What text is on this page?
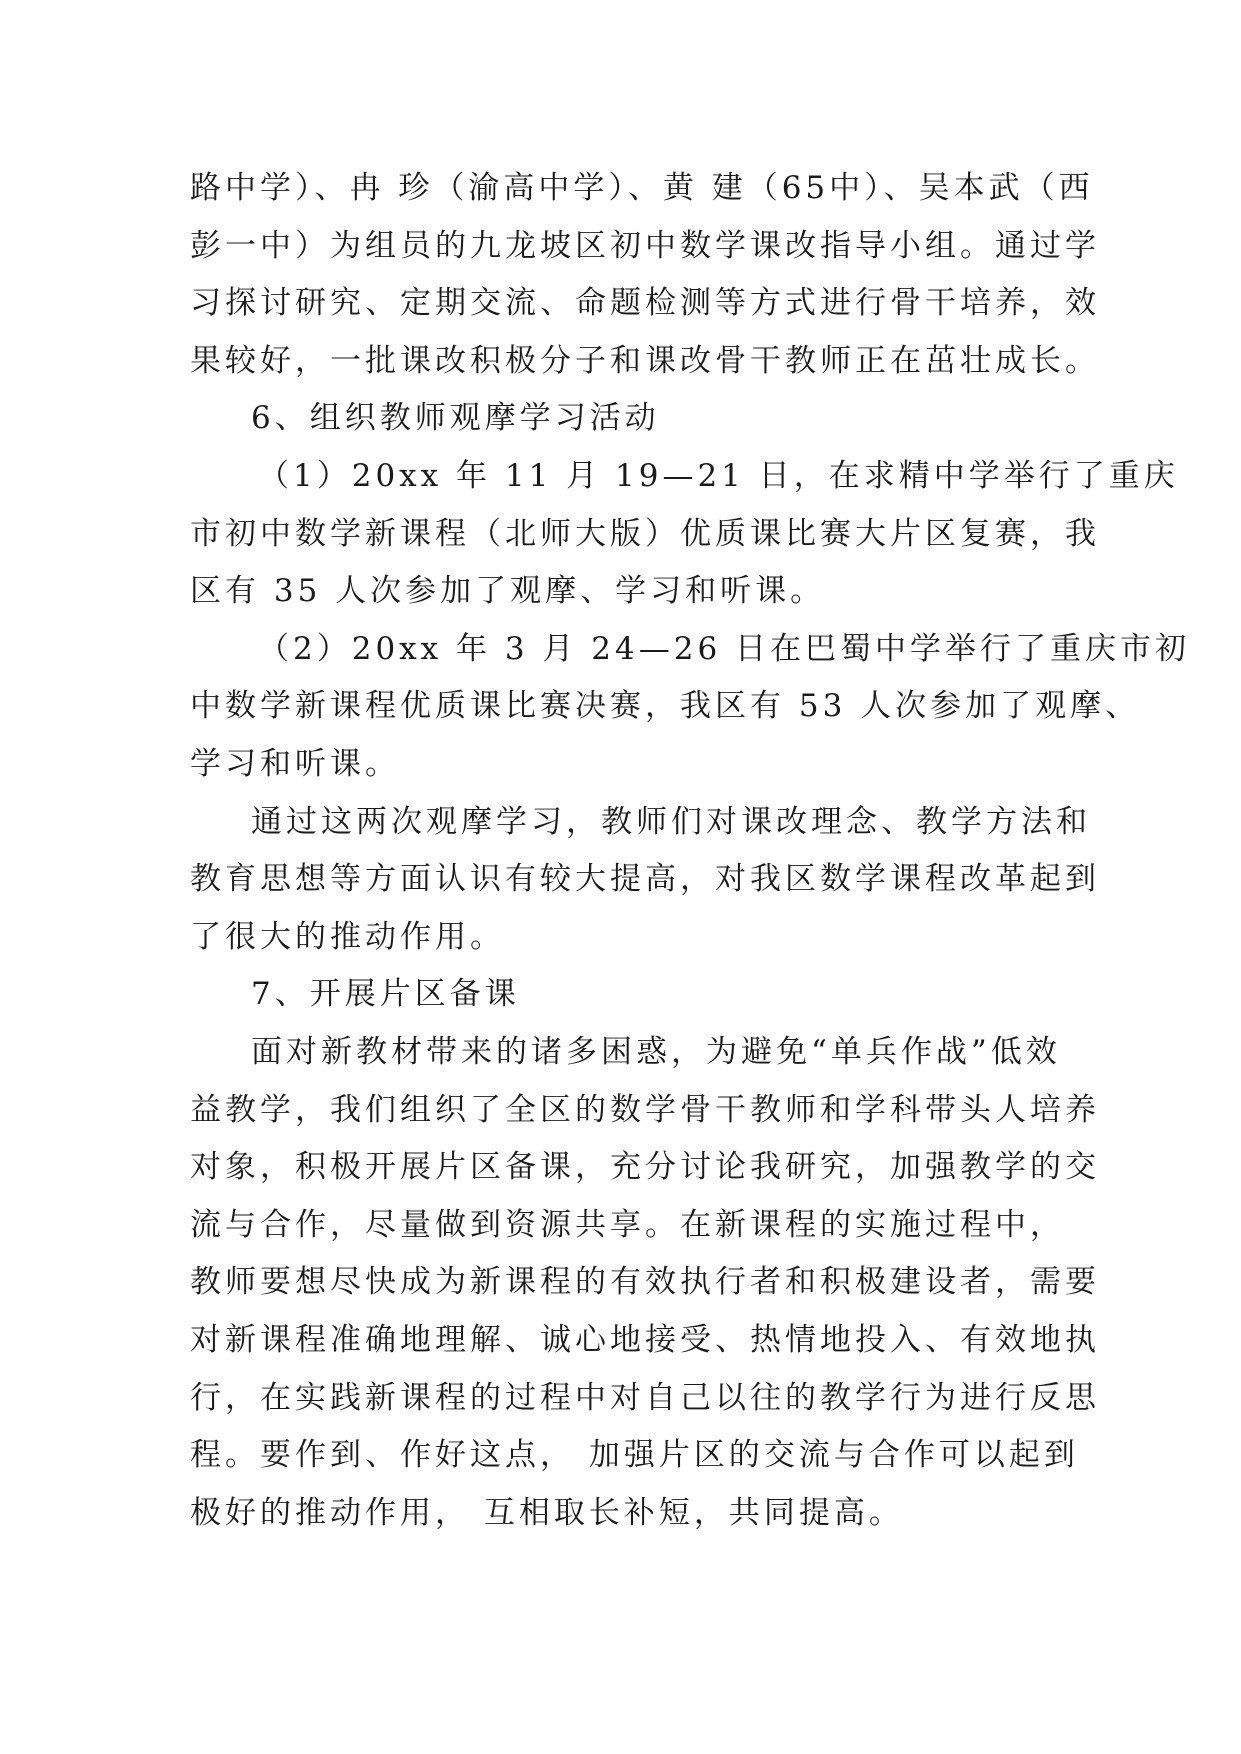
路中学）、冉 珍（渝高中学）、黄 建（65中）、吴本武（西
彭一中）为组员的九龙坡区初中数学课改指导小组。通过学
习探讨研究、定期交流、命题检测等方式进行骨干培养，效
果较好，一批课改积极分子和课改骨干教师正在茁壮成长。
6、组织教师观摩学习活动
（1）20xx 年 11 月 19—21 日，在求精中学举行了重庆
市初中数学新课程（北师大版）优质课比赛大片区复赛，我
区有 35 人次参加了观摩、学习和听课。
（2）20xx 年 3 月 24—26 日在巴蜀中学举行了重庆市初
中数学新课程优质课比赛决赛，我区有 53 人次参加了观摩、
学习和听课。
通过这两次观摩学习，教师们对课改理念、教学方法和
教育思想等方面认识有较大提高，对我区数学课程改革起到
了很大的推动作用。
7、开展片区备课
面对新教材带来的诸多困惑，为避免“单兵作战”低效
益教学，我们组织了全区的数学骨干教师和学科带头人培养
对象，积极开展片区备课，充分讨论我研究，加强教学的交
流与合作，尽量做到资源共享。在新课程的实施过程中，
教师要想尽快成为新课程的有效执行者和积极建设者，需要
对新课程准确地理解、诚心地接受、热情地投入、有效地执
行，在实践新课程的过程中对自己以往的教学行为进行反思
程。要作到、作好这点， 加强片区的交流与合作可以起到
极好的推动作用， 互相取长补短，共同提高。
